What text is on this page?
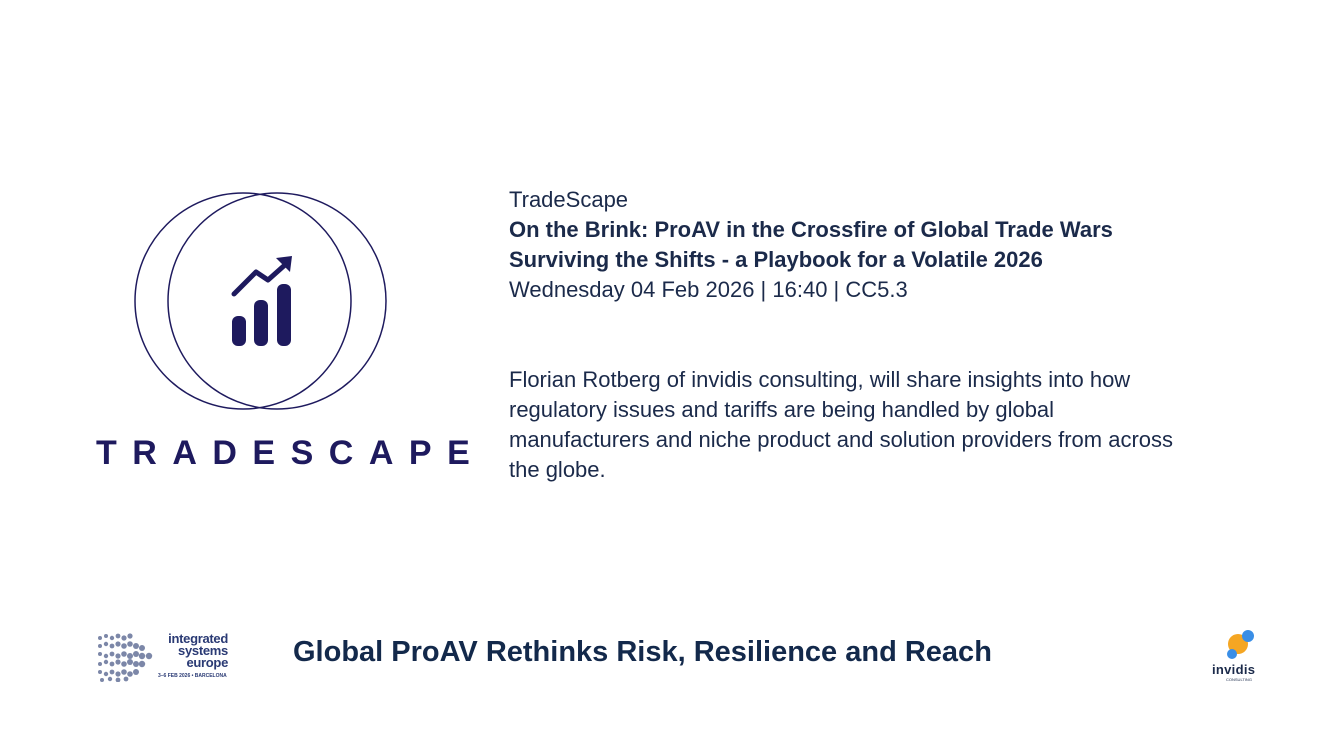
TRADESCAPE
TradeScape
On the Brink: ProAV in the Crossfire of Global Trade Wars
Surviving the Shifts - a Playbook for a Volatile 2026
Wednesday 04 Feb 2026 | 16:40 | CC5.3
Florian Rotberg of invidis consulting, will share insights into how regulatory issues and tariffs are being handled by global manufacturers and niche product and solution providers from across the globe.
integrated
systems
europe
3–6 FEB 2026 • BARCELONA
Global ProAV Rethinks Risk, Resilience and Reach
invidis
CONSULTING
